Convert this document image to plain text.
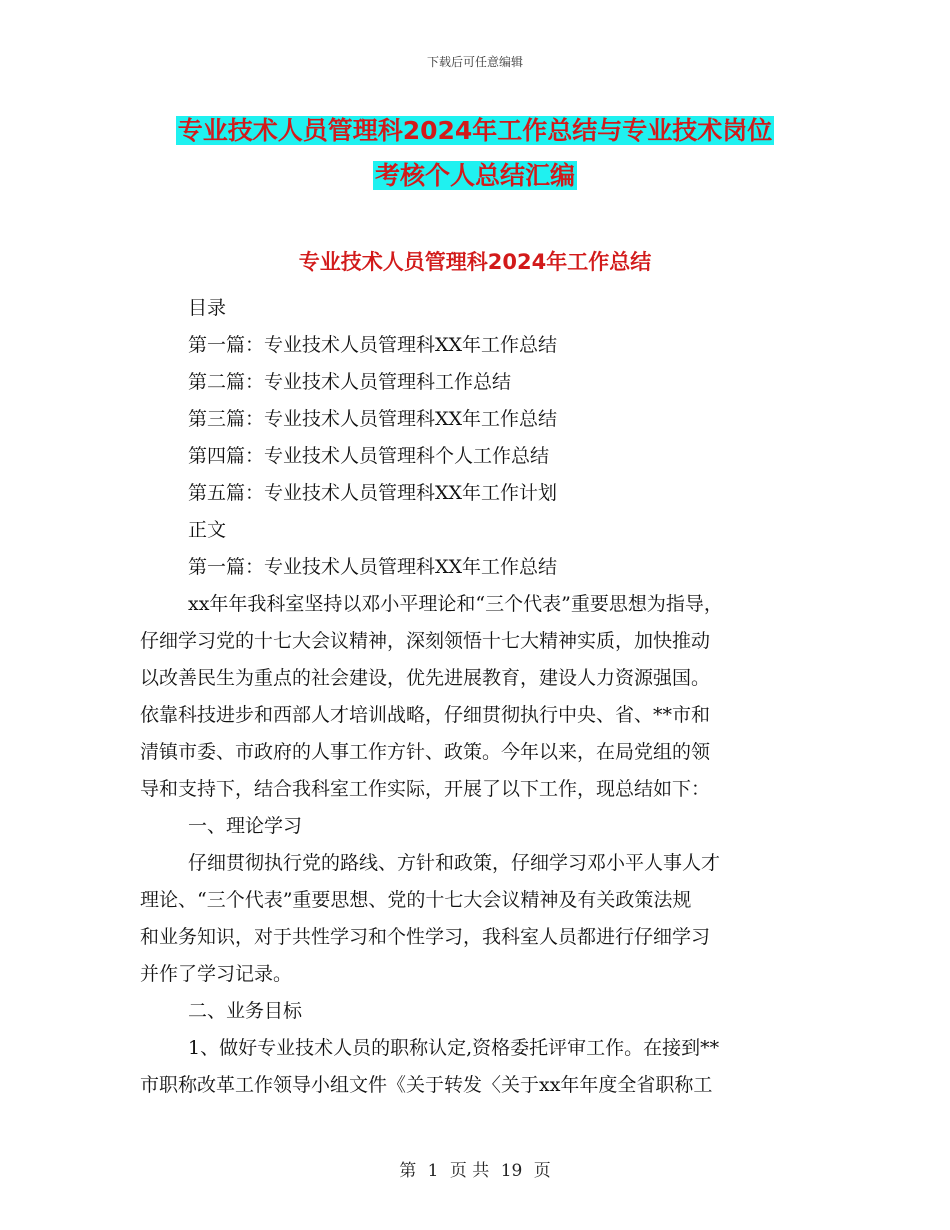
下载后可任意编辑
专业技术人员管理科2024年工作总结与专业技术岗位
考核个人总结汇编
专业技术人员管理科2024年工作总结
目录
第一篇：专业技术人员管理科XX年工作总结
第二篇：专业技术人员管理科工作总结
第三篇：专业技术人员管理科XX年工作总结
第四篇：专业技术人员管理科个人工作总结
第五篇：专业技术人员管理科XX年工作计划
正文
第一篇：专业技术人员管理科XX年工作总结
xx年年我科室坚持以邓小平理论和“三个代表”重要思想为指导，
仔细学习党的十七大会议精神，深刻领悟十七大精神实质，加快推动
以改善民生为重点的社会建设，优先进展教育，建设人力资源强国。
依靠科技进步和西部人才培训战略，仔细贯彻执行中央、省、**市和
清镇市委、市政府的人事工作方针、政策。今年以来，在局党组的领
导和支持下，结合我科室工作实际，开展了以下工作，现总结如下：
一、理论学习
仔细贯彻执行党的路线、方针和政策，仔细学习邓小平人事人才
理论、“三个代表”重要思想、党的十七大会议精神及有关政策法规
和业务知识，对于共性学习和个性学习，我科室人员都进行仔细学习
并作了学习记录。
二、业务目标
1、做好专业技术人员的职称认定,资格委托评审工作。在接到**
市职称改革工作领导小组文件《关于转发〈关于xx年年度全省职称工
第 1 页 共 19 页
